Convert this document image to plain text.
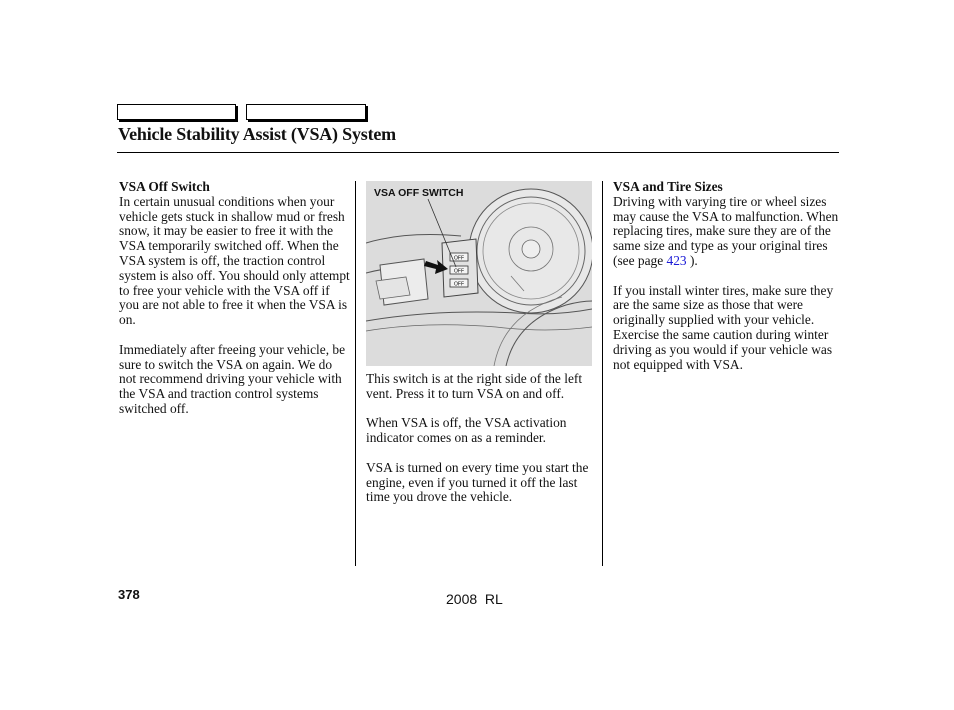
Vehicle Stability Assist (VSA) System
VSA Off Switch

In certain unusual conditions when your vehicle gets stuck in shallow mud or fresh snow, it may be easier to free it with the VSA temporarily switched off. When the VSA system is off, the traction control system is also off. You should only attempt to free your vehicle with the VSA off if you are not able to free it when the VSA is on.

Immediately after freeing your vehicle, be sure to switch the VSA on again. We do not recommend driving your vehicle with the VSA and traction control systems switched off.

OFF
OFF
OFF
VSA OFF SWITCH

This switch is at the right side of the left vent. Press it to turn VSA on and off.

When VSA is off, the VSA activation indicator comes on as a reminder.

VSA is turned on every time you start the engine, even if you turned it off the last time you drove the vehicle.

VSA and Tire Sizes

Driving with varying tire or wheel sizes may cause the VSA to malfunction. When replacing tires, make sure they are of the same size and type as your original tires (see page 423 ).

If you install winter tires, make sure they are the same size as those that were originally supplied with your vehicle. Exercise the same caution during winter driving as you would if your vehicle was not equipped with VSA.

378	2008  RL
